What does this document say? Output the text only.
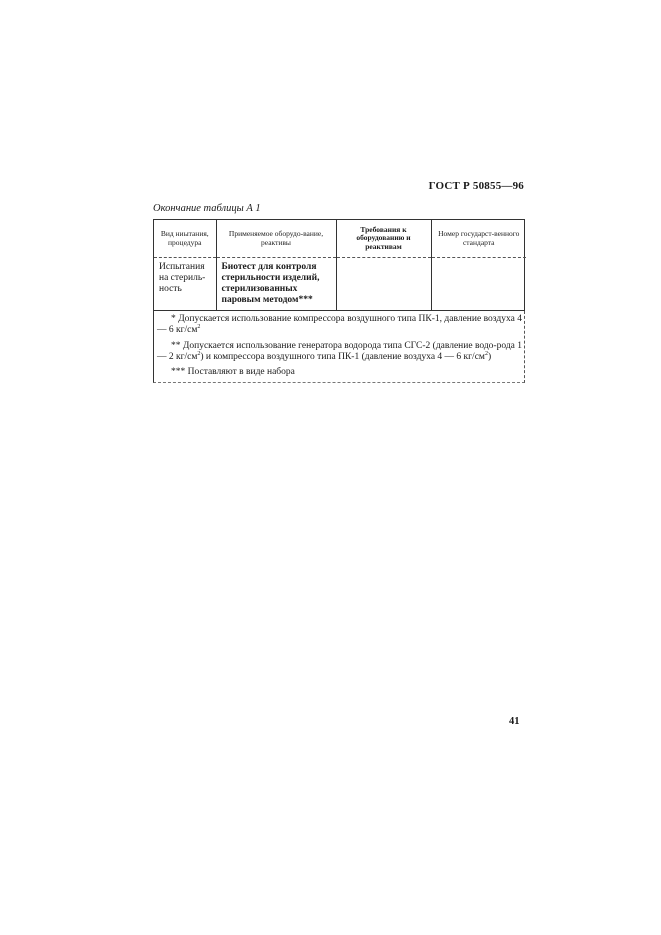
ГОСТ Р 50855—96
Окончание таблицы А 1
Вид ниытания, процедура	Применяемое оборудо-вание, реактивы	Требования к оборудованию и реактивам	Номер государст-венного стандарта
Испытания на стериль-ность	Биотест для контроля стерильности изделий, стерилизованных паровым методом***		

* Допускается использование компрессора воздушного типа ПК-1, давление воздуха 4 — 6 $кг/см^2$

** Допускается использование генератора водорода типа СГС-2 (давление водо-рода 1 — 2 $кг/см^2$) и компрессора воздушного типа ПК-1 (давление воздуха 4 — 6 $кг/см^2$)

*** Поставляют в виде набора

41
